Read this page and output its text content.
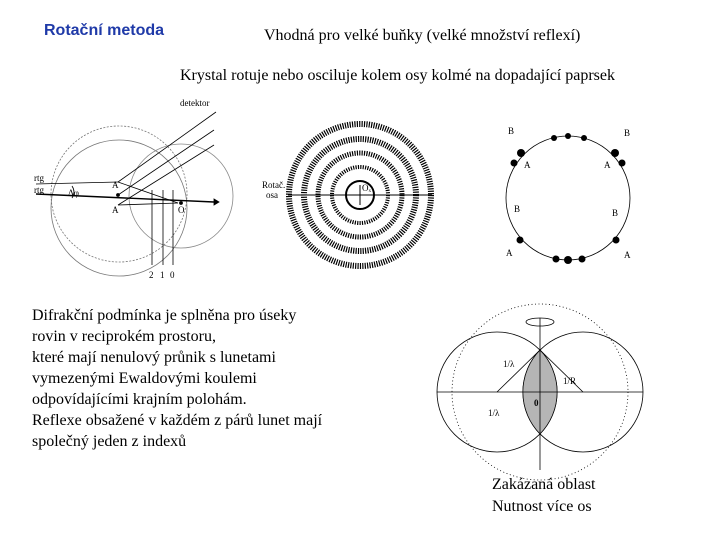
Rotační metoda	Vhodná pro velké buňky (velké množství reflexí)
Krystal rotuje nebo osciluje kolem osy kolmé na dopadající paprsek
detektor
rtg
rtg	Δφ
A
A	O
2 1 0
Rotač.
osa
Oₓ
B	B
A	A
B	B
A	A
1/λ
1/R
1/λ
0
Difrakční podmínka je splněna pro úseky
rovin v reciprokém prostoru,
které mají nenulový průnik s lunetami
vymezenými Ewaldovými koulemi
odpovídajícími krajním polohám.
Reflexe obsažené v každém z párů lunet mají
společný jeden z indexů
Zakázaná oblast
Nutnost více os
